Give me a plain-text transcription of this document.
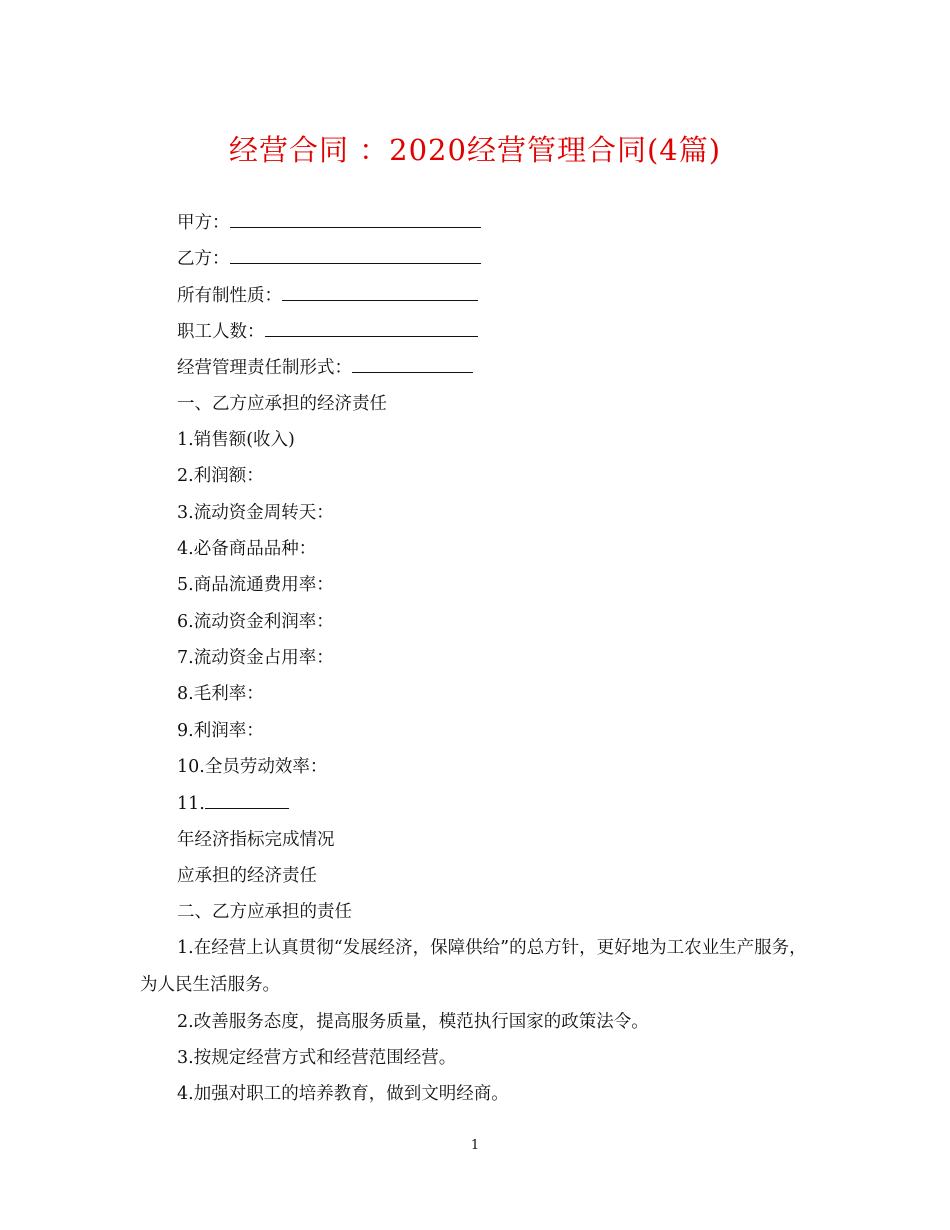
经营合同 ：2020经营管理合同(4篇)
甲方：
乙方：
所有制性质：
职工人数：
经营管理责任制形式：
一、乙方应承担的经济责任
1.销售额(收入)
2.利润额：
3.流动资金周转天：
4.必备商品品种：
5.商品流通费用率：
6.流动资金利润率：
7.流动资金占用率：
8.毛利率：
9.利润率：
10.全员劳动效率：
11.
年经济指标完成情况
应承担的经济责任
二、乙方应承担的责任
1.在经营上认真贯彻“发展经济，保障供给”的总方针，更好地为工农业生产服务，为人民生活服务。
2.改善服务态度，提高服务质量，模范执行国家的政策法令。
3.按规定经营方式和经营范围经营。
4.加强对职工的培养教育，做到文明经商。
1
